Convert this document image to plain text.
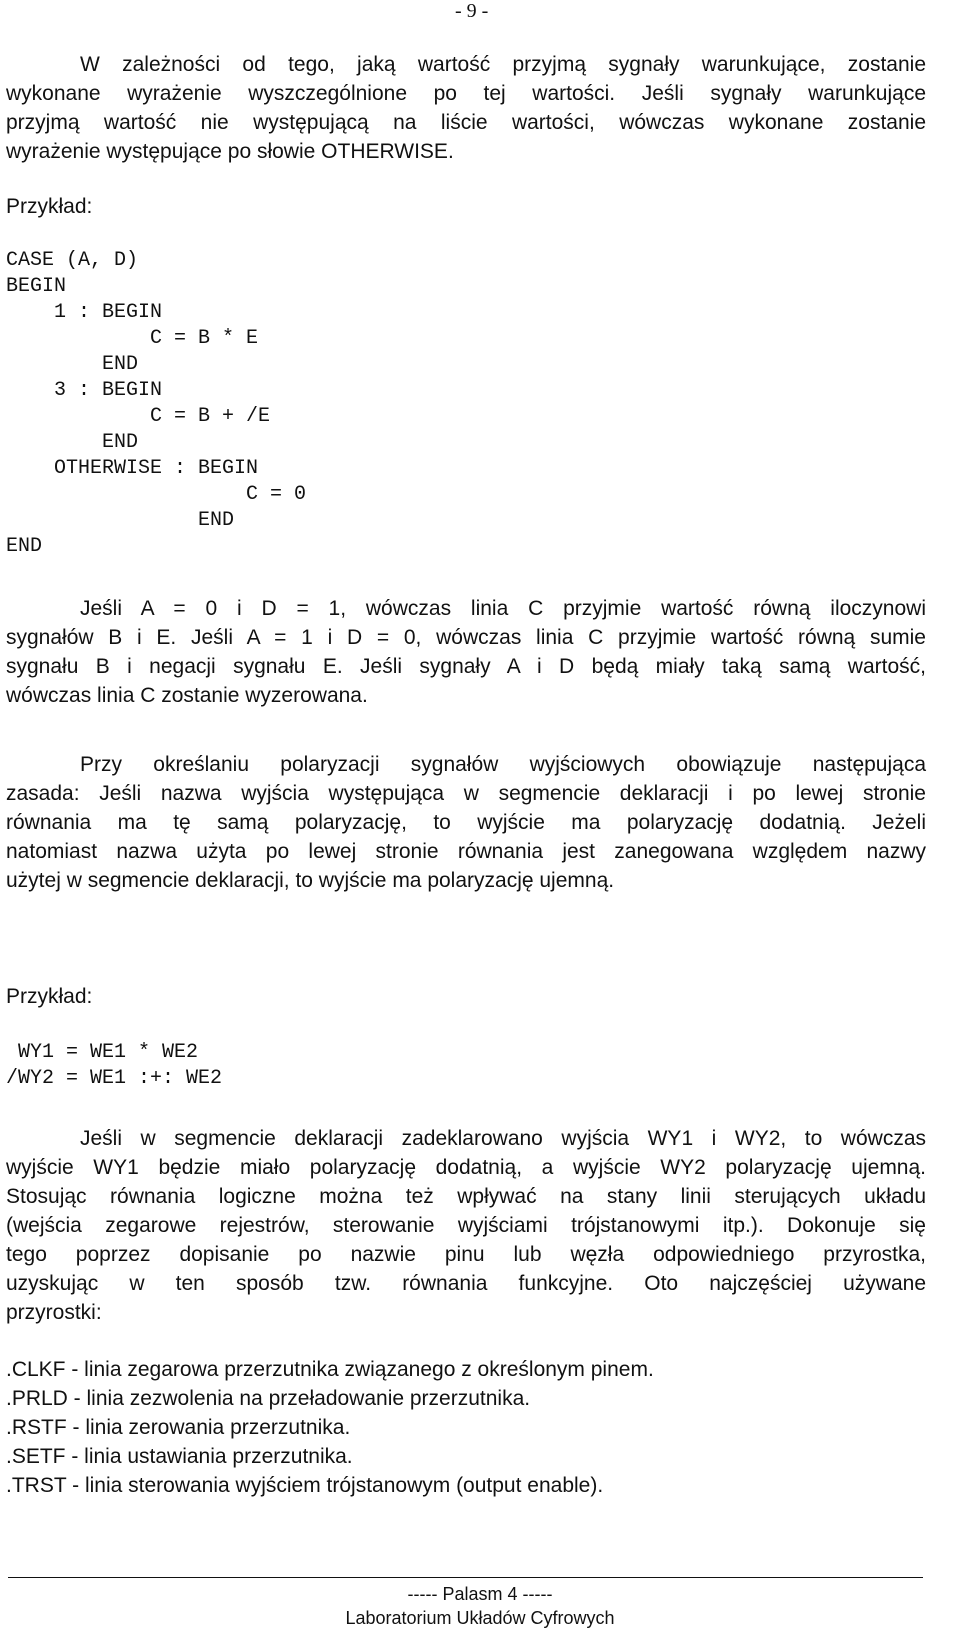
- 9 -
W zależności od tego, jaką wartość przyjmą sygnały warunkujące, zostanie
wykonane wyrażenie wyszczególnione po tej wartości. Jeśli sygnały warunkujące
przyjmą wartość nie występującą na liście wartości, wówczas wykonane zostanie
wyrażenie występujące po słowie OTHERWISE.
Przykład:
CASE (A, D)
BEGIN
1 : BEGIN
C = B * E
END
3 : BEGIN
C = B + /E
END
OTHERWISE : BEGIN
C = 0
END
END
Jeśli A = 0 i D = 1, wówczas linia C przyjmie wartość równą iloczynowi
sygnałów B i E. Jeśli A = 1 i D = 0, wówczas linia C przyjmie wartość równą sumie
sygnału B i negacji sygnału E. Jeśli sygnały A i D będą miały taką samą wartość,
wówczas linia C zostanie wyzerowana.
Przy określaniu polaryzacji sygnałów wyjściowych obowiązuje następująca
zasada: Jeśli nazwa wyjścia występująca w segmencie deklaracji i po lewej stronie
równania ma tę samą polaryzację, to wyjście ma polaryzację dodatnią. Jeżeli
natomiast nazwa użyta po lewej stronie równania jest zanegowana względem nazwy
użytej w segmencie deklaracji, to wyjście ma polaryzację ujemną.
Przykład:
WY1 = WE1 * WE2
/WY2 = WE1 :+: WE2
Jeśli w segmencie deklaracji zadeklarowano wyjścia WY1 i WY2, to wówczas
wyjście WY1 będzie miało polaryzację dodatnią, a wyjście WY2 polaryzację ujemną.
Stosując równania logiczne można też wpływać na stany linii sterujących układu
(wejścia zegarowe rejestrów, sterowanie wyjściami trójstanowymi itp.). Dokonuje się
tego poprzez dopisanie po nazwie pinu lub węzła odpowiedniego przyrostka,
uzyskując w ten sposób tzw. równania funkcyjne. Oto najczęściej używane
przyrostki:
.CLKF - linia zegarowa przerzutnika związanego z określonym pinem.
.PRLD - linia zezwolenia na przeładowanie przerzutnika.
.RSTF - linia zerowania przerzutnika.
.SETF - linia ustawiania przerzutnika.
.TRST - linia sterowania wyjściem trójstanowym (output enable).
----- Palasm 4 -----
Laboratorium Układów Cyfrowych
